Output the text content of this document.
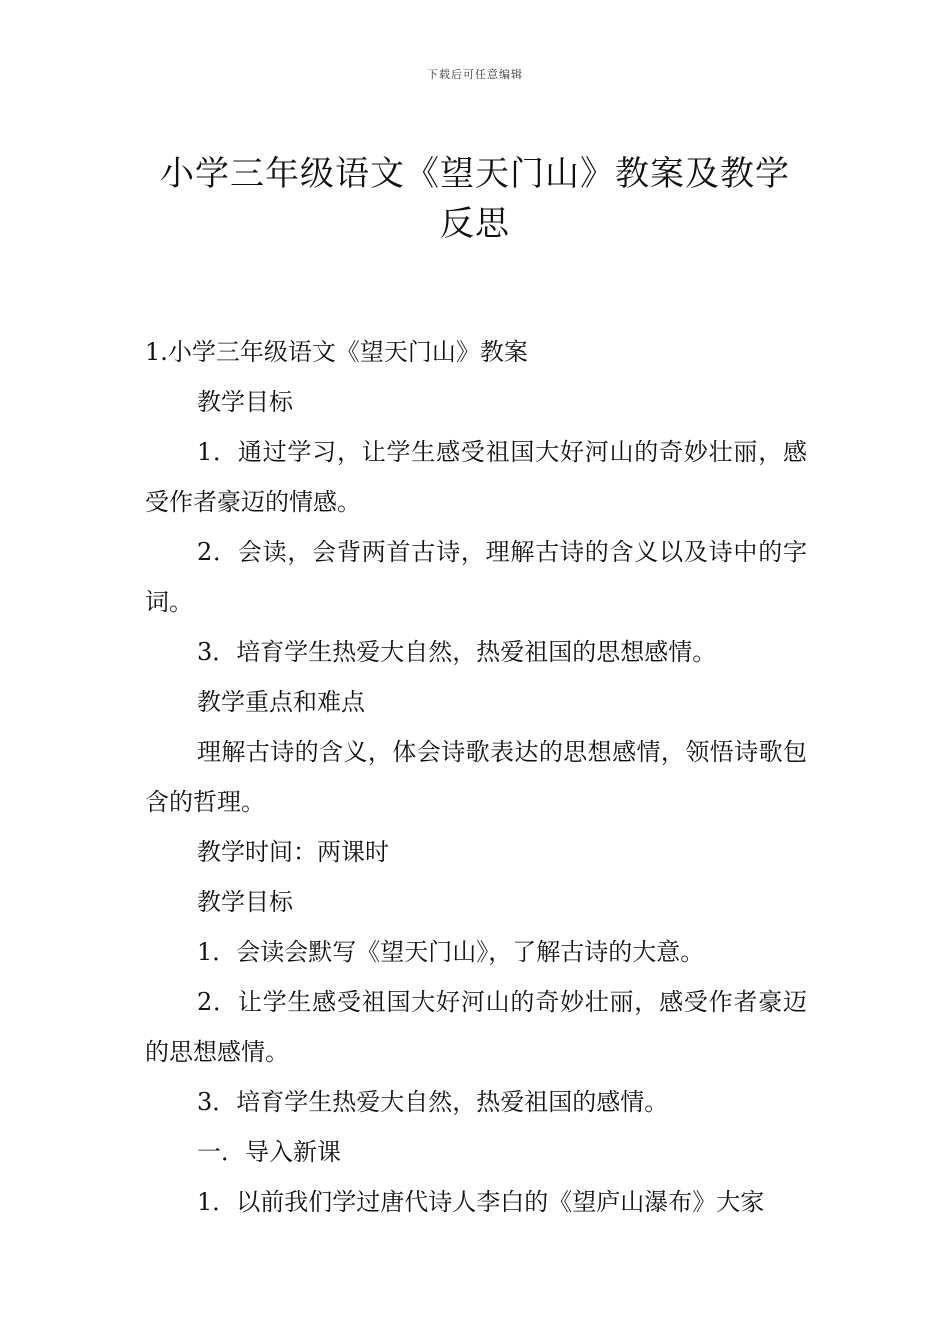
下载后可任意编辑
小学三年级语文《望天门山》教案及教学反思

1.小学三年级语文《望天门山》教案

教学目标

1．通过学习，让学生感受祖国大好河山的奇妙壮丽，感受作者豪迈的情感。

2．会读，会背两首古诗，理解古诗的含义以及诗中的字词。

3．培育学生热爱大自然，热爱祖国的思想感情。

教学重点和难点

理解古诗的含义，体会诗歌表达的思想感情，领悟诗歌包含的哲理。

教学时间：两课时

教学目标

1．会读会默写《望天门山》，了解古诗的大意。

2．让学生感受祖国大好河山的奇妙壮丽，感受作者豪迈的思想感情。

3．培育学生热爱大自然，热爱祖国的感情。

一．导入新课

1．以前我们学过唐代诗人李白的《望庐山瀑布》大家
